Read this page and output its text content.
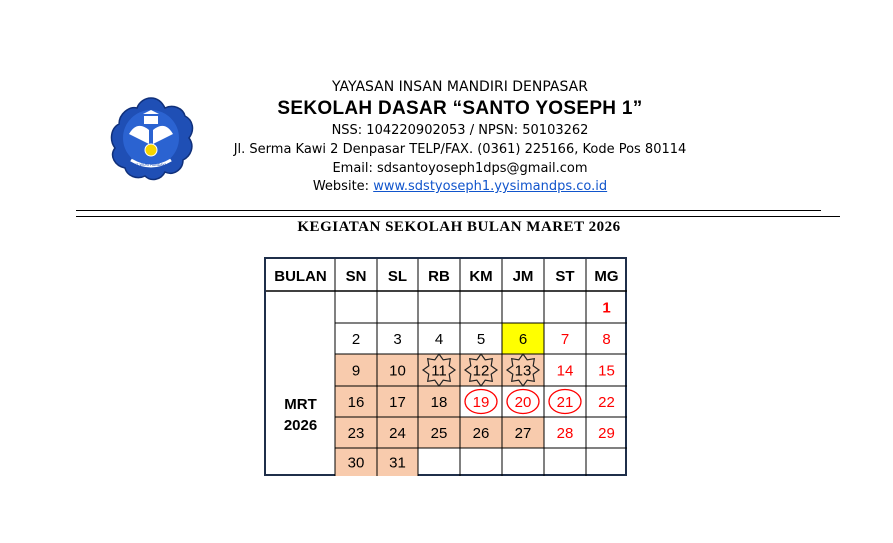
TUT WURI HANDAYANI
YAYASAN INSAN MANDIRI DENPASAR
SEKOLAH DASAR “SANTO YOSEPH 1”
NSS: 104220902053 / NPSN: 50103262
Jl. Serma Kawi 2 Denpasar TELP/FAX. (0361) 225166, Kode Pos 80114
Email: sdsantoyoseph1dps@gmail.com
Website: www.sdstyoseph1.yysimandps.co.id
KEGIATAN SEKOLAH BULAN MARET 2026
BULAN SN SL RB KM JM ST MG
MRT
2026
1
2 3 4 5 6 7 8
9 10 11 12 13 14 15
16 17 18 19 20 21 22
23 24 25 26 27 28 29
30 31
